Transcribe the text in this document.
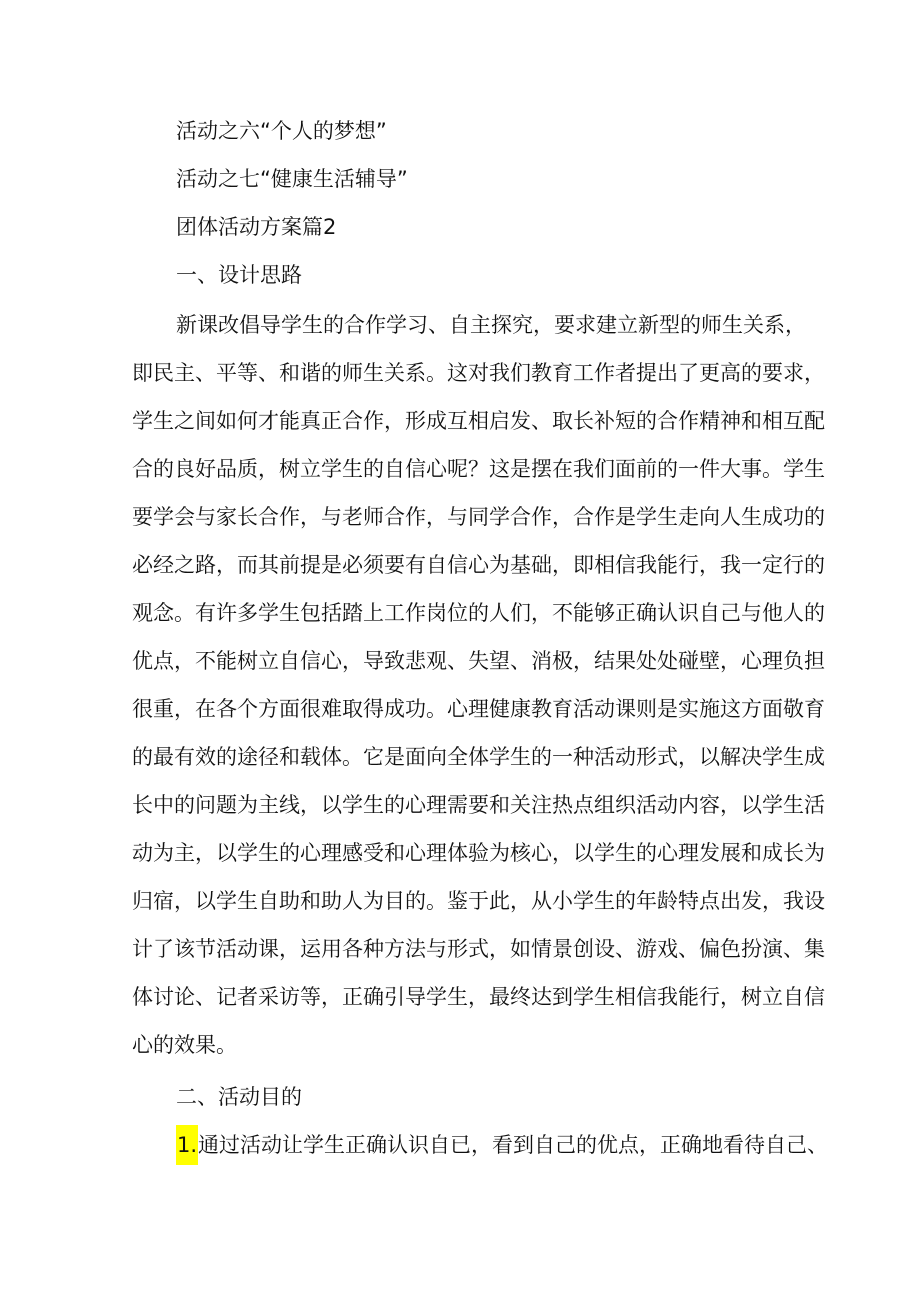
活动之六“个人的梦想”
活动之七“健康生活辅导”
团体活动方案篇2
一、设计思路
新课改倡导学生的合作学习、自主探究，要求建立新型的师生关系，
即民主、平等、和谐的师生关系。这对我们教育工作者提出了更高的要求，
学生之间如何才能真正合作，形成互相启发、取长补短的合作精神和相互配
合的良好品质，树立学生的自信心呢？这是摆在我们面前的一件大事。学生
要学会与家长合作，与老师合作，与同学合作，合作是学生走向人生成功的
必经之路，而其前提是必须要有自信心为基础，即相信我能行，我一定行的
观念。有许多学生包括踏上工作岗位的人们，不能够正确认识自己与他人的
优点，不能树立自信心，导致悲观、失望、消极，结果处处碰壁，心理负担
很重，在各个方面很难取得成功。心理健康教育活动课则是实施这方面敬育
的最有效的途径和载体。它是面向全体学生的一种活动形式，以解决学生成
长中的问题为主线，以学生的心理需要和关注热点组织活动内容，以学生活
动为主，以学生的心理感受和心理体验为核心，以学生的心理发展和成长为
归宿，以学生自助和助人为目的。鉴于此，从小学生的年龄特点出发，我设
计了该节活动课，运用各种方法与形式，如情景创设、游戏、偏色扮演、集
体讨论、记者采访等，正确引导学生，最终达到学生相信我能行，树立自信
心的效果。
二、活动目的
1.通过活动让学生正确认识自已，看到自己的优点，正确地看待自己、
